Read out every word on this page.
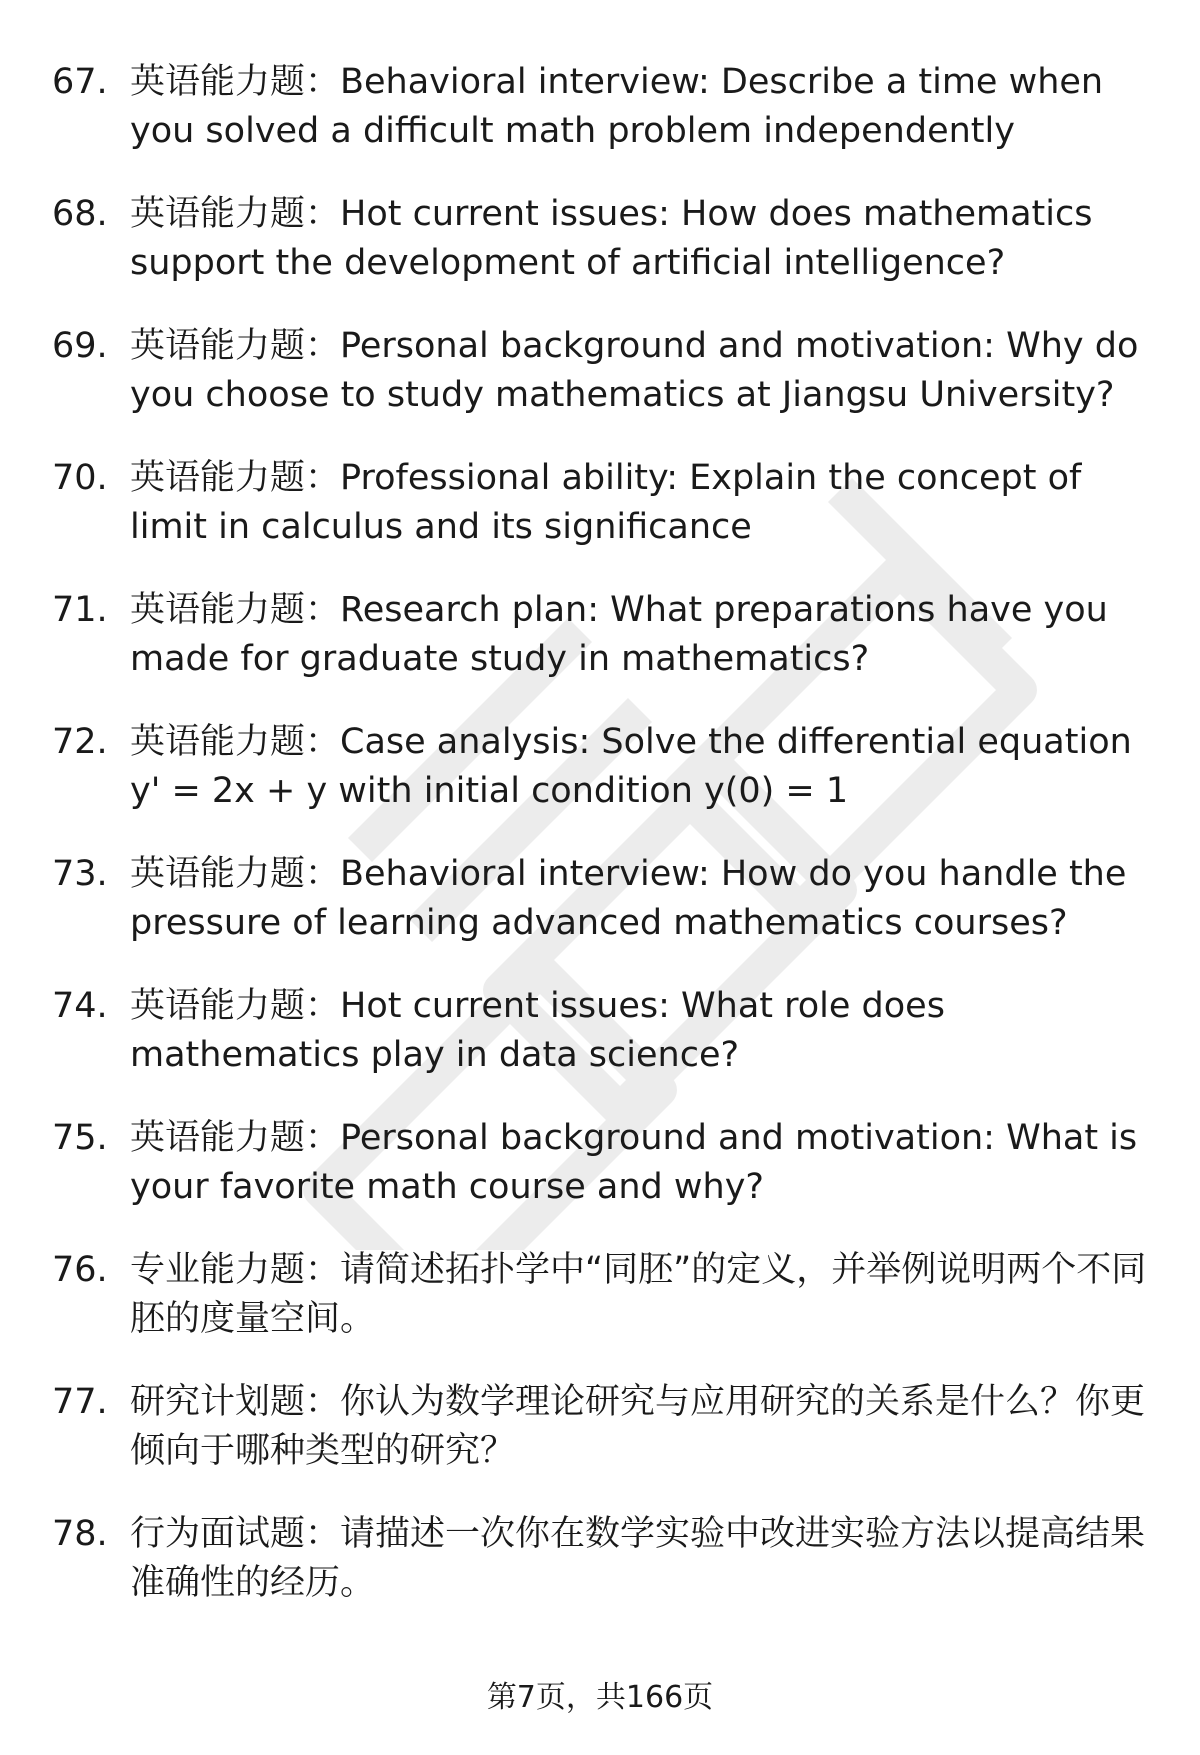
67. 英语能力题：Behavioral interview: Describe a time when you solved a difficult math problem independently
68. 英语能力题：Hot current issues: How does mathematics support the development of artificial intelligence?
69. 英语能力题：Personal background and motivation: Why do you choose to study mathematics at Jiangsu University?
70. 英语能力题：Professional ability: Explain the concept of limit in calculus and its significance
71. 英语能力题：Research plan: What preparations have you made for graduate study in mathematics?
72. 英语能力题：Case analysis: Solve the differential equation y' = 2x + y with initial condition y(0) = 1
73. 英语能力题：Behavioral interview: How do you handle the pressure of learning advanced mathematics courses?
74. 英语能力题：Hot current issues: What role does mathematics play in data science?
75. 英语能力题：Personal background and motivation: What is your favorite math course and why?
76. 专业能力题：请简述拓扑学中“同胚”的定义，并举例说明两个不同胚的度量空间。
77. 研究计划题：你认为数学理论研究与应用研究的关系是什么？你更倾向于哪种类型的研究？
78. 行为面试题：请描述一次你在数学实验中改进实验方法以提高结果准确性的经历。
第7页，共166页
